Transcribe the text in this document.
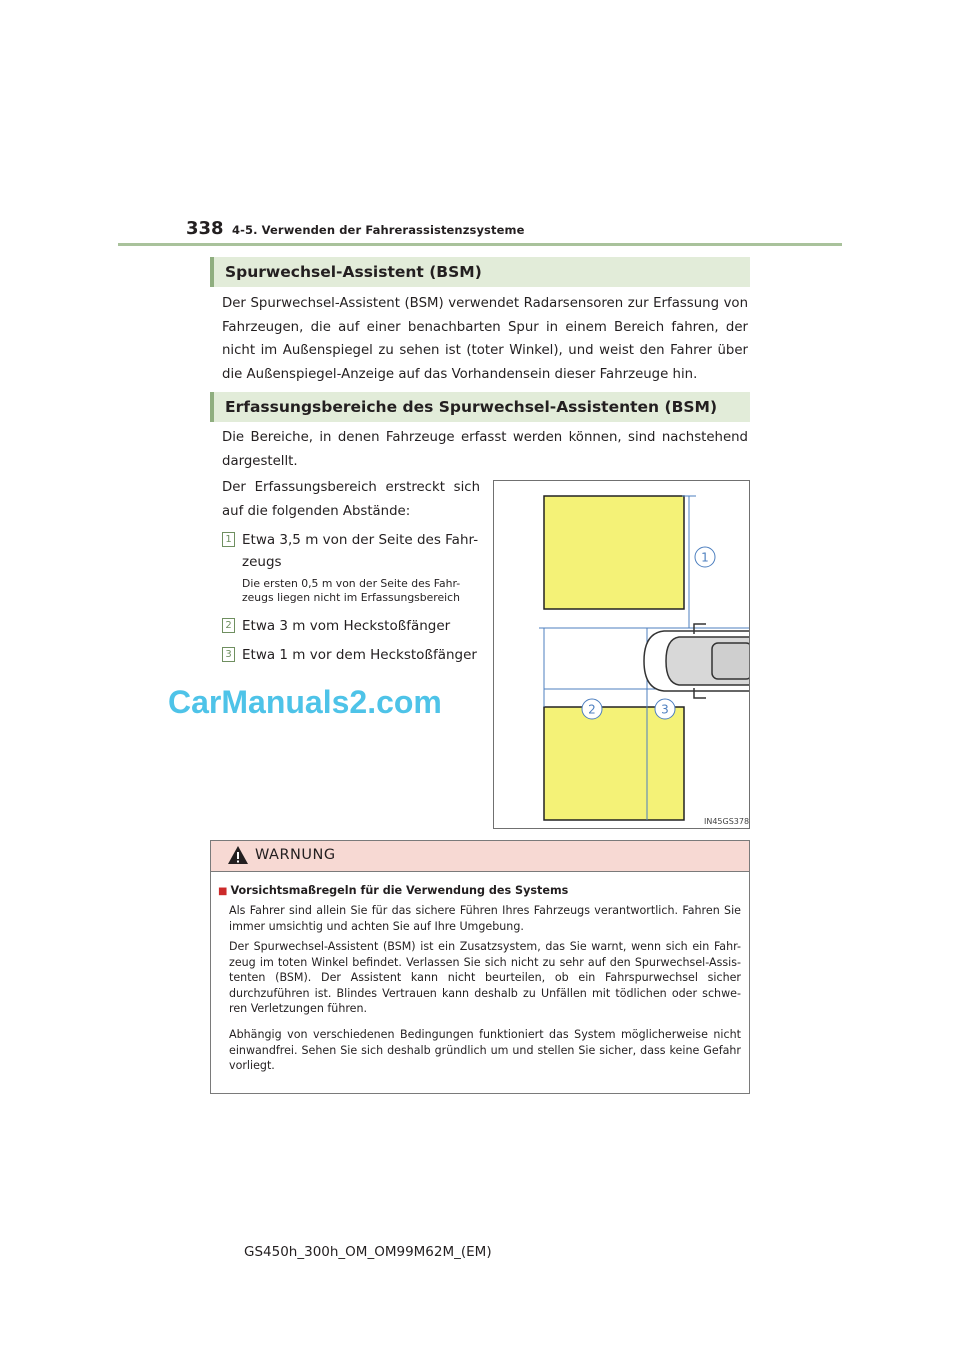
338 4-5. Verwenden der Fahrerassistenzsysteme
Spurwechsel-Assistent (BSM)
Der Spurwechsel-Assistent (BSM) verwendet Radarsensoren zur Erfassung von Fahrzeugen, die auf einer benachbarten Spur in einem Bereich fahren, der nicht im Außenspiegel zu sehen ist (toter Winkel), und weist den Fahrer über die Außenspiegel-Anzeige auf das Vorhandensein dieser Fahrzeuge hin.
Erfassungsbereiche des Spurwechsel-Assistenten (BSM)
Die Bereiche, in denen Fahrzeuge erfasst werden können, sind nachstehend dargestellt.
Der Erfassungsbereich erstreckt sich auf die folgenden Abstände:
1 Etwa 3,5 m von der Seite des Fahr-zeugs
Die ersten 0,5 m von der Seite des Fahr-zeugs liegen nicht im Erfassungsbereich
2 Etwa 3 m vom Heckstoßfänger
3 Etwa 1 m vor dem Heckstoßfänger
CarManuals2.com
1
2	3
IN45GS378
WARNUNG
■ Vorsichtsmaßregeln für die Verwendung des Systems
Als Fahrer sind allein Sie für das sichere Führen Ihres Fahrzeugs verantwortlich. Fahren Sie immer umsichtig und achten Sie auf Ihre Umgebung.
Der Spurwechsel-Assistent (BSM) ist ein Zusatzsystem, das Sie warnt, wenn sich ein Fahr-zeug im toten Winkel befindet. Verlassen Sie sich nicht zu sehr auf den Spurwechsel-Assis-tenten (BSM). Der Assistent kann nicht beurteilen, ob ein Fahrspurwechsel sicher durchzuführen ist. Blindes Vertrauen kann deshalb zu Unfällen mit tödlichen oder schwe-ren Verletzungen führen.
Abhängig von verschiedenen Bedingungen funktioniert das System möglicherweise nicht einwandfrei. Sehen Sie sich deshalb gründlich um und stellen Sie sicher, dass keine Gefahr vorliegt.
GS450h_300h_OM_OM99M62M_(EM)
